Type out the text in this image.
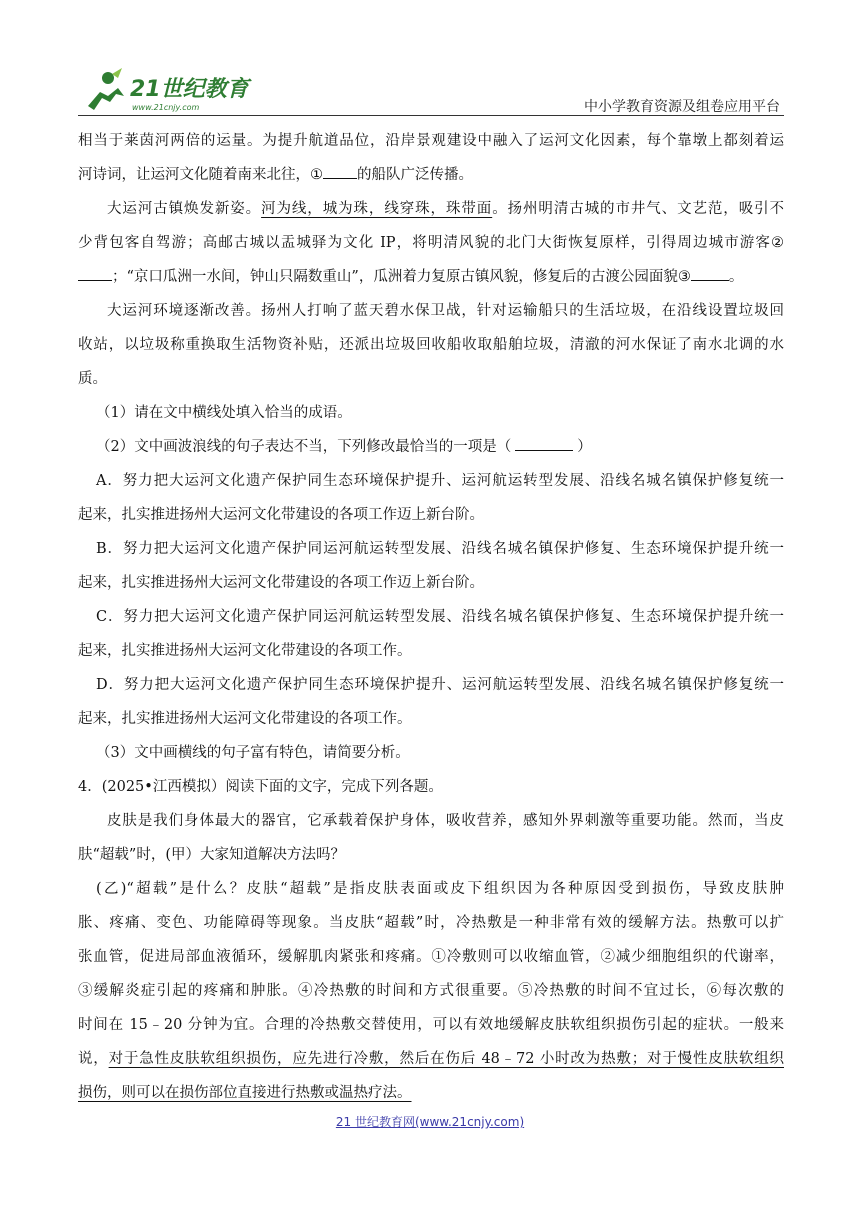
21世纪教育
www.21cnjy.com	中小学教育资源及组卷应用平台
相当于莱茵河两倍的运量。为提升航道品位，沿岸景观建设中融入了运河文化因素，每个靠墩上都刻着运
河诗词，让运河文化随着南来北往，① 的船队广泛传播。
大运河古镇焕发新姿。河为线，城为珠，线穿珠，珠带面。扬州明清古城的市井气、文艺范，吸引不
少背包客自驾游；高邮古城以盂城驿为文化 IP，将明清风貌的北门大街恢复原样，引得周边城市游客②
；“京口瓜洲一水间，钟山只隔数重山”，瓜洲着力复原古镇风貌，修复后的古渡公园面貌③	。
大运河环境逐渐改善。扬州人打响了蓝天碧水保卫战，针对运输船只的生活垃圾，在沿线设置垃圾回
收站，以垃圾称重换取生活物资补贴，还派出垃圾回收船收取船舶垃圾，清澈的河水保证了南水北调的水
质。
（1）请在文中横线处填入恰当的成语。
（2）文中画波浪线的句子表达不当，下列修改最恰当的一项是（	）
A．努力把大运河文化遗产保护同生态环境保护提升、运河航运转型发展、沿线名城名镇保护修复统一
起来，扎实推进扬州大运河文化带建设的各项工作迈上新台阶。
B．努力把大运河文化遗产保护同运河航运转型发展、沿线名城名镇保护修复、生态环境保护提升统一
起来，扎实推进扬州大运河文化带建设的各项工作迈上新台阶。
C．努力把大运河文化遗产保护同运河航运转型发展、沿线名城名镇保护修复、生态环境保护提升统一
起来，扎实推进扬州大运河文化带建设的各项工作。
D．努力把大运河文化遗产保护同生态环境保护提升、运河航运转型发展、沿线名城名镇保护修复统一
起来，扎实推进扬州大运河文化带建设的各项工作。
（3）文中画横线的句子富有特色，请简要分析。
4．(2025•江西模拟）阅读下面的文字，完成下列各题。
皮肤是我们身体最大的器官，它承载着保护身体，吸收营养，感知外界刺激等重要功能。然而，当皮
肤“超载”时，(甲）大家知道解决方法吗？
(乙)“超载”是什么？皮肤“超载”是指皮肤表面或皮下组织因为各种原因受到损伤，导致皮肤肿
胀、疼痛、变色、功能障碍等现象。当皮肤“超载”时，冷热敷是一种非常有效的缓解方法。热敷可以扩
张血管，促进局部血液循环，缓解肌肉紧张和疼痛。①冷敷则可以收缩血管，②减少细胞组织的代谢率，
③缓解炎症引起的疼痛和肿胀。④冷热敷的时间和方式很重要。⑤冷热敷的时间不宜过长，⑥每次敷的
时间在 15﹣20 分钟为宜。合理的冷热敷交替使用，可以有效地缓解皮肤软组织损伤引起的症状。一般来
说，对于急性皮肤软组织损伤，应先进行冷敷，然后在伤后 48﹣72 小时改为热敷；对于慢性皮肤软组织
损伤，则可以在损伤部位直接进行热敷或温热疗法。
21 世纪教育网(www.21cnjy.com)
